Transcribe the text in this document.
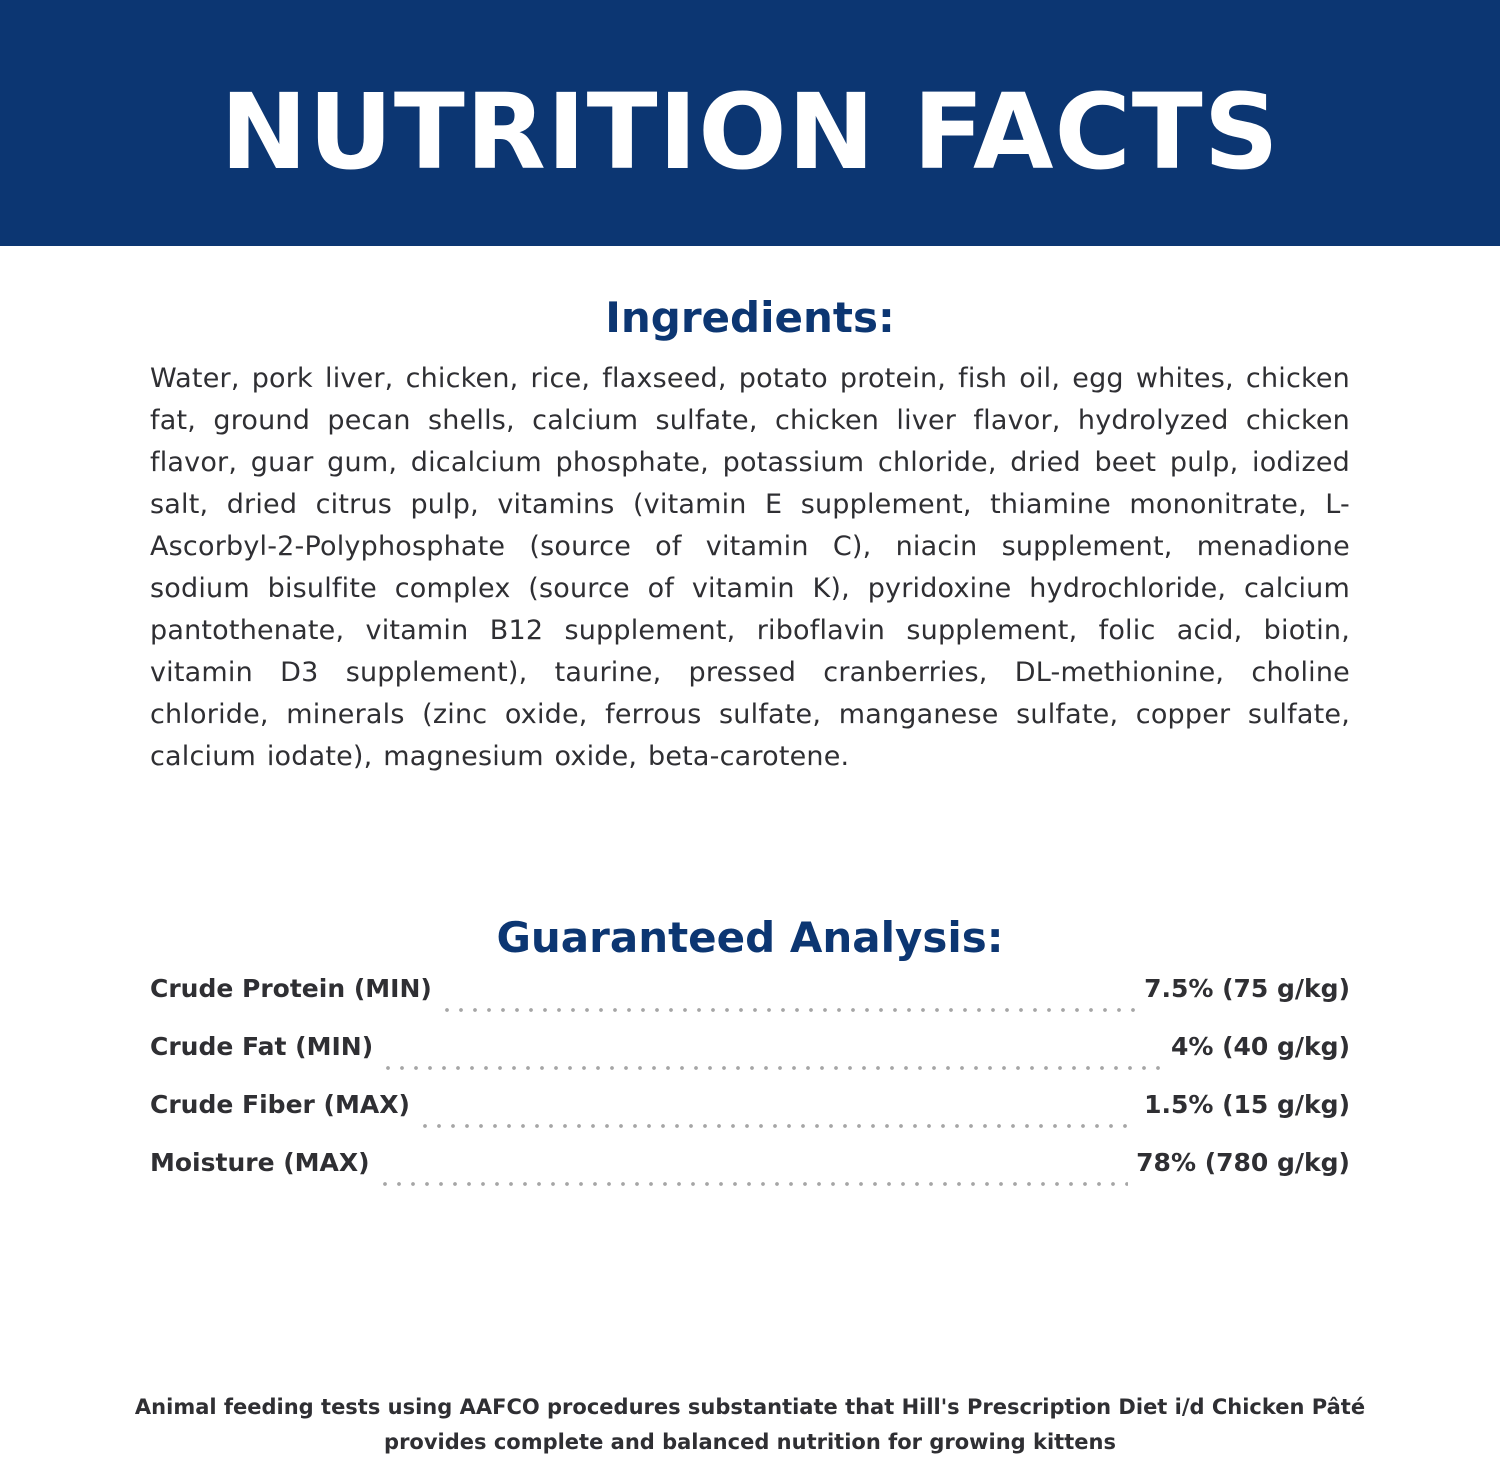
NUTRITION FACTS
Ingredients:

Water, pork liver, chicken, rice, flaxseed, potato protein, fish oil, egg whites, chicken fat, ground pecan shells, calcium sulfate, chicken liver flavor, hydrolyzed chicken flavor, guar gum, dicalcium phosphate, potassium chloride, dried beet pulp, iodized salt, dried citrus pulp, vitamins (vitamin E supplement, thiamine mononitrate, L-Ascorbyl-2-Polyphosphate (source of vitamin C), niacin supplement, menadione sodium bisulfite complex (source of vitamin K), pyridoxine hydrochloride, calcium pantothenate, vitamin B12 supplement, riboflavin supplement, folic acid, biotin, vitamin D3 supplement), taurine, pressed cranberries, DL-methionine, choline chloride, minerals (zinc oxide, ferrous sulfate, manganese sulfate, copper sulfate, calcium iodate), magnesium oxide, beta-carotene.

Guaranteed Analysis:
Crude Protein (MIN)	7.5% (75 g/kg)
Crude Fat (MIN)	4% (40 g/kg)
Crude Fiber (MAX)	1.5% (15 g/kg)
Moisture (MAX)	78% (780 g/kg)
Animal feeding tests using AAFCO procedures substantiate that Hill's Prescription Diet i/d Chicken Pâté
provides complete and balanced nutrition for growing kittens
